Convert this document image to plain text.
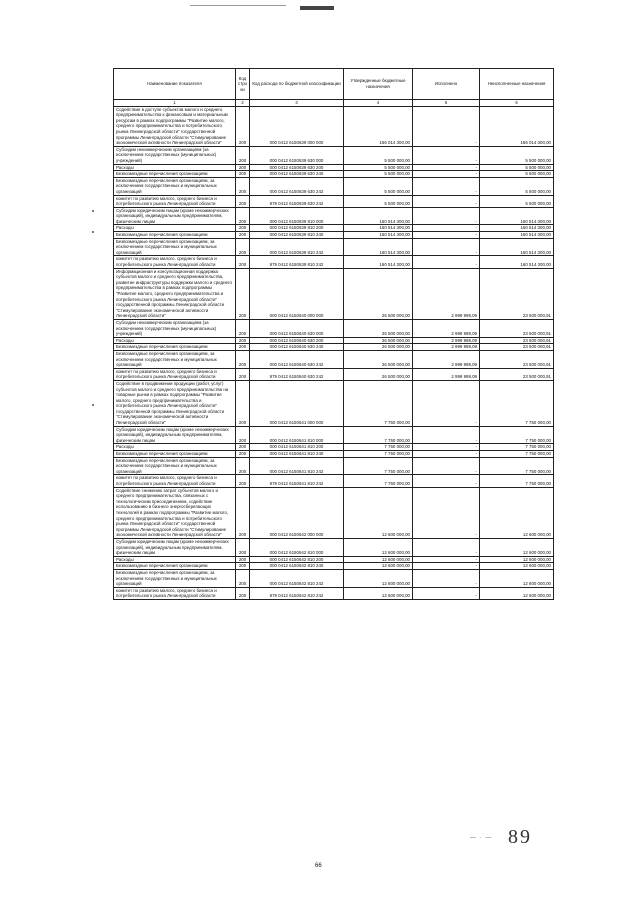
Наименование показателя	Код стро ки	Код расхода по бюджетной классификации	Утвержденные бюджетные назначения	Исполнено	Неисполненные назначения
1	2	3	4	5	6
Содействие в доступе субъектов малого и среднего предпринимательства к финансовым и материальным ресурсам в рамках подпрограммы "Развитие малого, среднего предпринимательства и потребительского рынка Ленинградской области" государственной программы Ленинградской области "Стимулирование экономической активности Ленинградской области"	200	000 0412 6150639 000 000	166 014 300,00	-	166 014 300,00
Субсидии некоммерческим организациям (за исключением государственных (муниципальных) учреждений)	200	000 0412 6150639 630 000	5 500 000,00	-	5 500 000,00
Расходы	200	000 0412 6150639 630 200	5 500 000,00	-	5 500 000,00
Безвозмездные перечисления организациям	200	000 0412 6150639 630 240	5 500 000,00	-	5 500 000,00
Безвозмездные перечисления организациям, за исключением государственных и муниципальных организаций	200	000 0412 6150639 630 242	5 500 000,00	-	5 500 000,00
комитет по развитию малого, среднего бизнеса и потребительского рынка Ленинградской области	200	979 0412 6150639 630 242	5 500 000,00	-	5 500 000,00
Субсидии юридическим лицам (кроме некоммерческих организаций), индивидуальным предпринимателям, физическим лицам	200	000 0412 6150639 810 000	160 514 300,00	-	160 514 300,00
Расходы	200	000 0412 6150639 810 200	160 514 300,00	-	160 514 300,00
Безвозмездные перечисления организациям	200	000 0412 6150639 810 240	160 514 300,00	-	160 514 300,00
Безвозмездные перечисления организациям, за исключением государственных и муниципальных организаций	200	000 0412 6150639 810 242	160 514 300,00	-	160 514 300,00
комитет по развитию малого, среднего бизнеса и потребительского рынка Ленинградской области	200	979 0412 6150639 810 242	160 514 300,00	-	160 514 300,00
Информационная и консультационная поддержка субъектов малого и среднего предпринимательства, развитие инфраструктуры поддержки малого и среднего предпринимательства в рамках подпрограммы "Развитие малого, среднего предпринимательства и потребительского рынка Ленинградской области" государственной программы Ленинградской области "Стимулирование экономической активности Ленинградской области"	200	000 0412 6150640 000 000	26 500 000,00	2 999 999,09	23 500 000,91
Субсидии некоммерческим организациям (за исключением государственных (муниципальных) учреждений)	200	000 0412 6150640 630 000	26 500 000,00	2 999 999,09	23 500 000,91
Расходы	200	000 0412 6150640 630 200	26 500 000,00	2 999 999,09	23 500 000,91
Безвозмездные перечисления организациям	200	000 0412 6150640 630 240	26 500 000,00	2 999 999,09	23 500 000,91
Безвозмездные перечисления организациям, за исключением государственных и муниципальных организаций	200	000 0412 6150640 630 242	26 500 000,00	2 999 999,09	23 500 000,91
комитет по развитию малого, среднего бизнеса и потребительского рынка Ленинградской области	200	979 0412 6150640 630 242	26 500 000,00	2 999 999,09	23 500 000,91
Содействие в продвижении продукции (работ, услуг) субъектов малого и среднего предпринимательства на товарные рынки в рамках подпрограммы "Развитие малого, среднего предпринимательства и потребительского рынка Ленинградской области" государственной программы Ленинградской области "Стимулирование экономической активности Ленинградской области"	200	000 0412 6150641 000 000	7 750 000,00	-	7 750 000,00
Субсидии юридическим лицам (кроме некоммерческих организаций), индивидуальным предпринимателям, физическим лицам	200	000 0412 6150641 810 000	7 750 000,00	-	7 750 000,00
Расходы	200	000 0412 6150641 810 200	7 750 000,00	-	7 750 000,00
Безвозмездные перечисления организациям	200	000 0412 6150641 810 240	7 750 000,00	-	7 750 000,00
Безвозмездные перечисления организациям, за исключением государственных и муниципальных организаций	200	000 0412 6150641 810 242	7 750 000,00	-	7 750 000,00
комитет по развитию малого, среднего бизнеса и потребительского рынка Ленинградской области	200	979 0412 6150641 810 242	7 750 000,00	-	7 750 000,00
Содействие снижению затрат субъектов малого и среднего предпринимательства, связанных с технологическим присоединением, содействие использованию в бизнесе энергосберегающих технологий в рамках подпрограммы "Развитие малого, среднего предпринимательства и потребительского рынка Ленинградской области" государственной программы Ленинградской области "Стимулирование экономической активности Ленинградской области"	200	000 0412 6150642 000 000	12 600 000,00	-	12 600 000,00
Субсидии юридическим лицам (кроме некоммерческих организаций), индивидуальным предпринимателям, физическим лицам	200	000 0412 6150642 810 000	12 600 000,00	-	12 600 000,00
Расходы	200	000 0412 6150642 810 200	12 600 000,00	-	12 600 000,00
Безвозмездные перечисления организациям	200	000 0412 6150642 810 240	12 600 000,00	-	12 600 000,00
Безвозмездные перечисления организациям, за исключением государственных и муниципальных организаций	200	000 0412 6150642 810 242	12 600 000,00	-	12 600 000,00
комитет по развитию малого, среднего бизнеса и потребительского рынка Ленинградской области	200	979 0412 6150642 810 242	12 600 000,00	-	12 600 000,00
66
— · — 89
